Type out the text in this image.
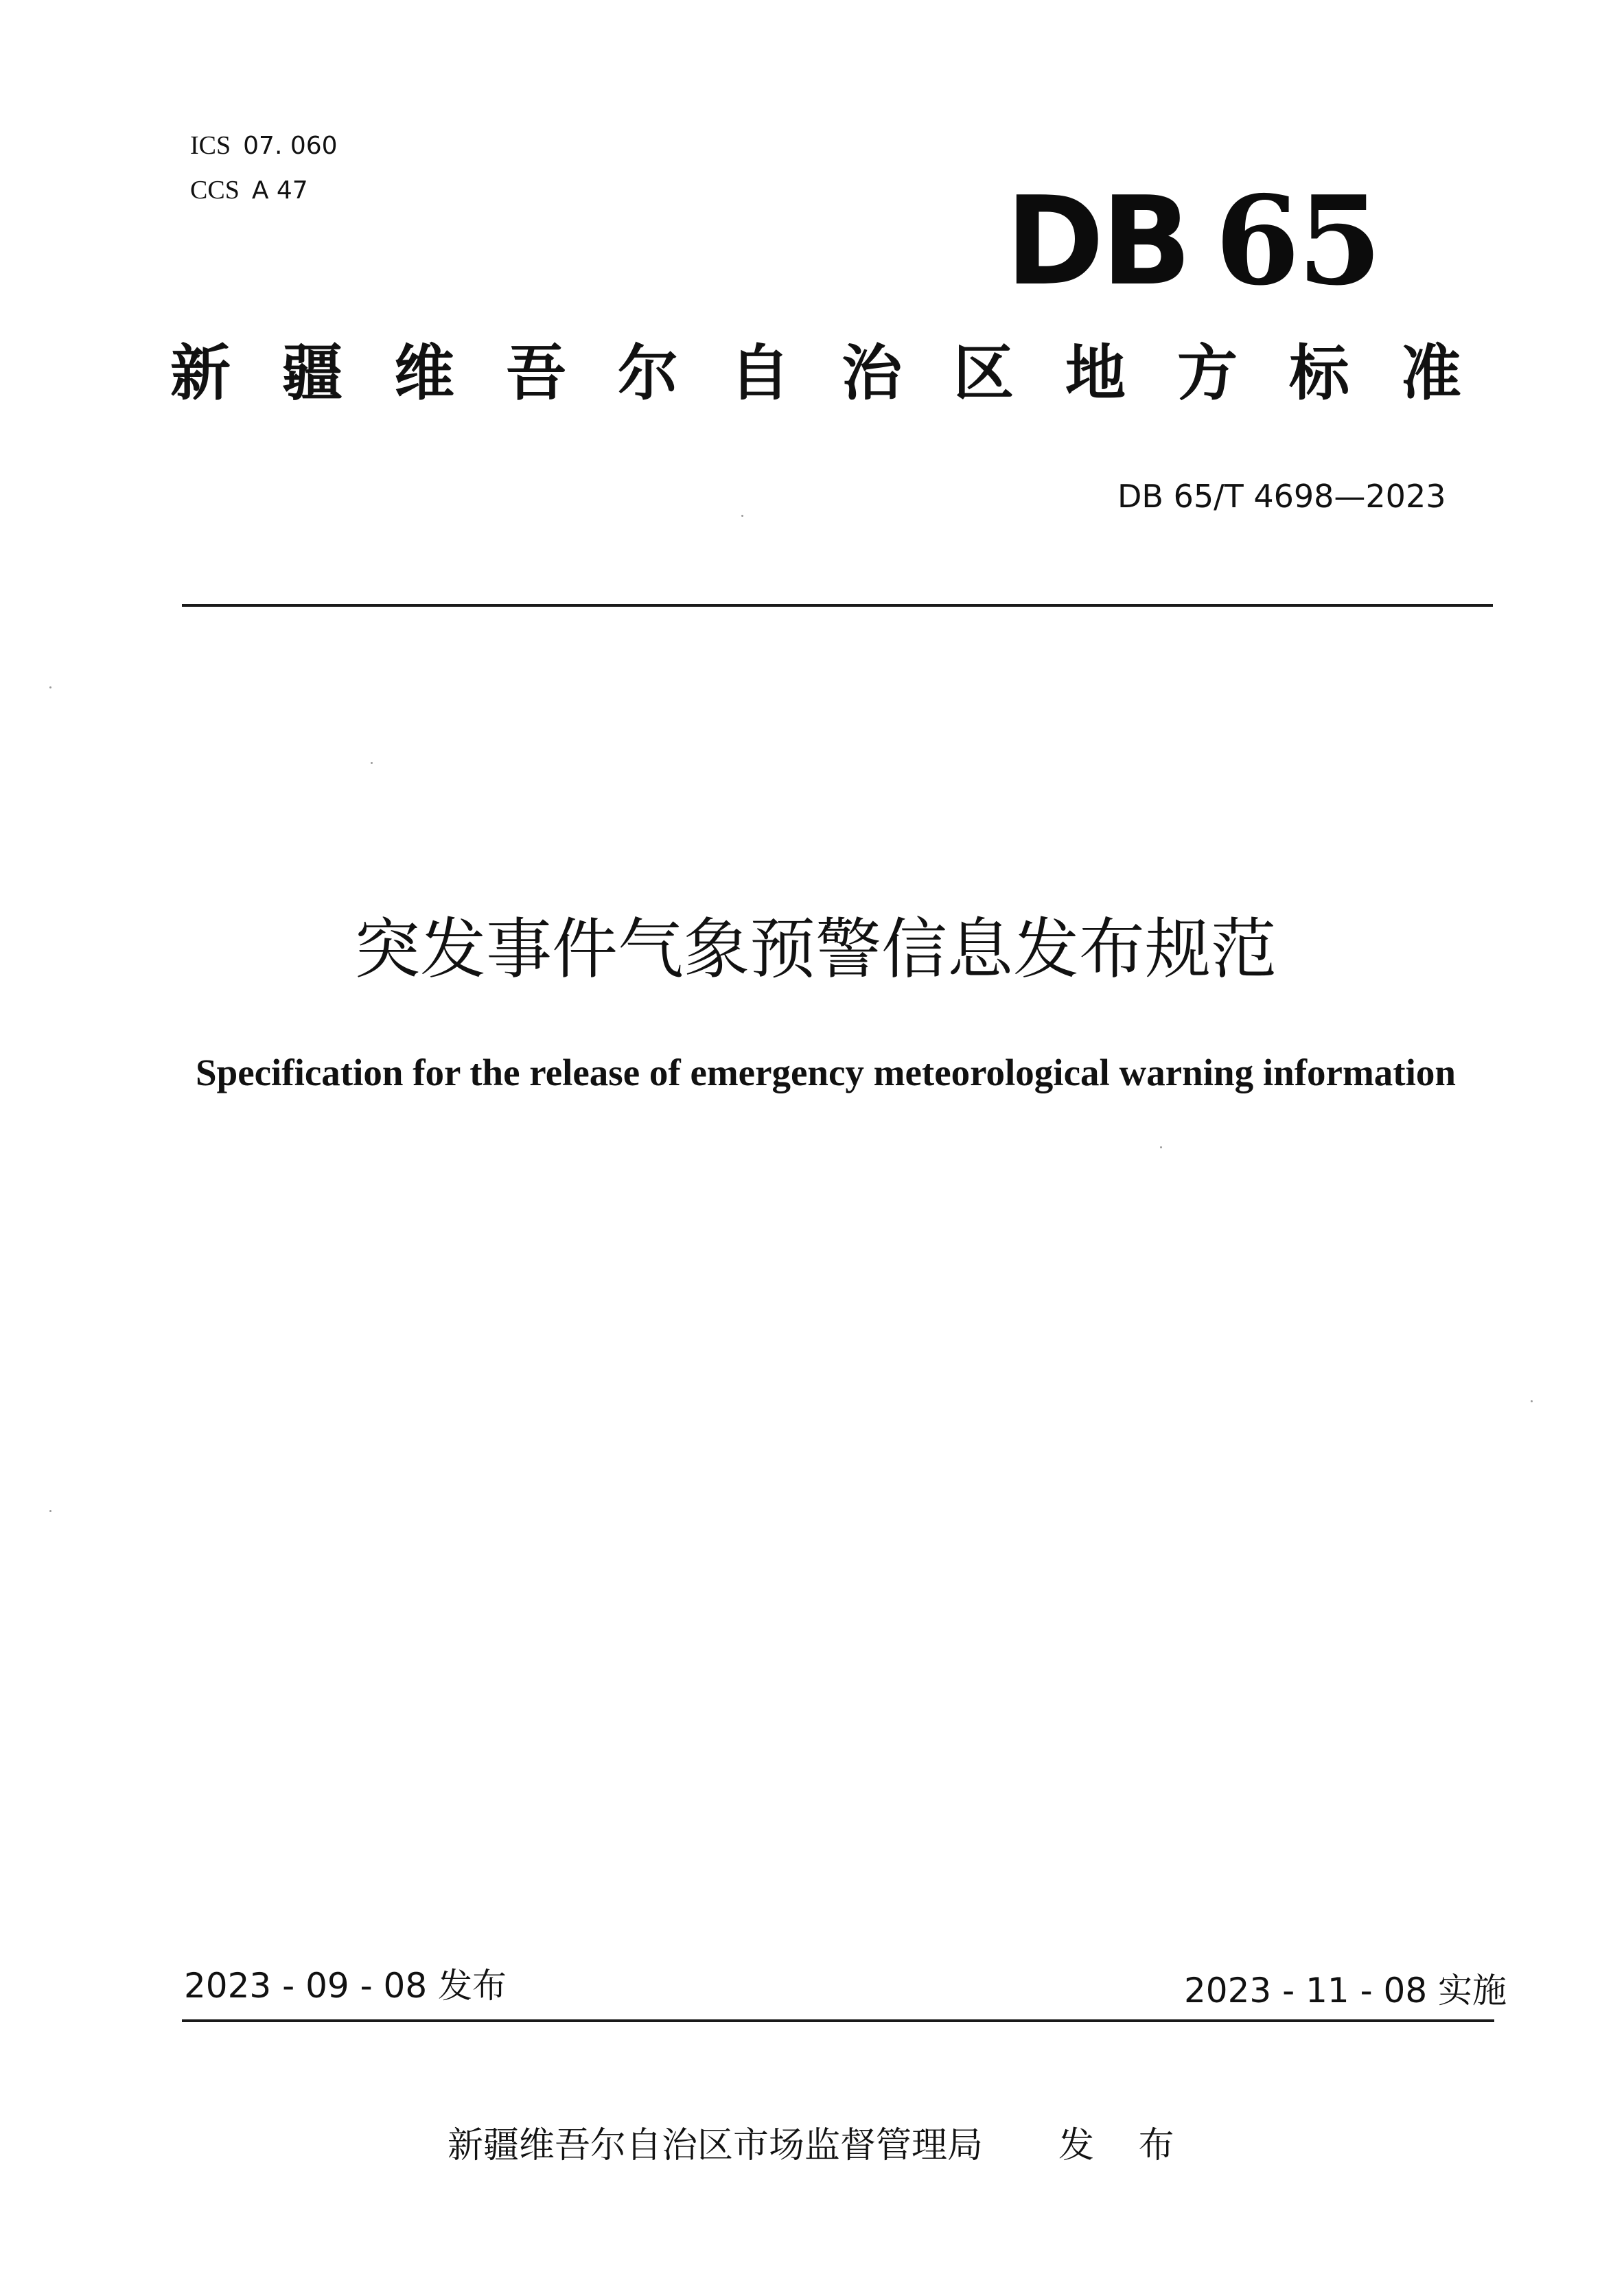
ICS 07. 060

CCS A 47	DB 65
新疆维吾尔自治区地方标准
DB 65/T 4698—2023
突发事件气象预警信息发布规范
Specification for the release of emergency meteorological warning information
2023 - 09 - 08 发布	2023 - 11 - 08 实施
新疆维吾尔自治区市场监督管理局 发 布
